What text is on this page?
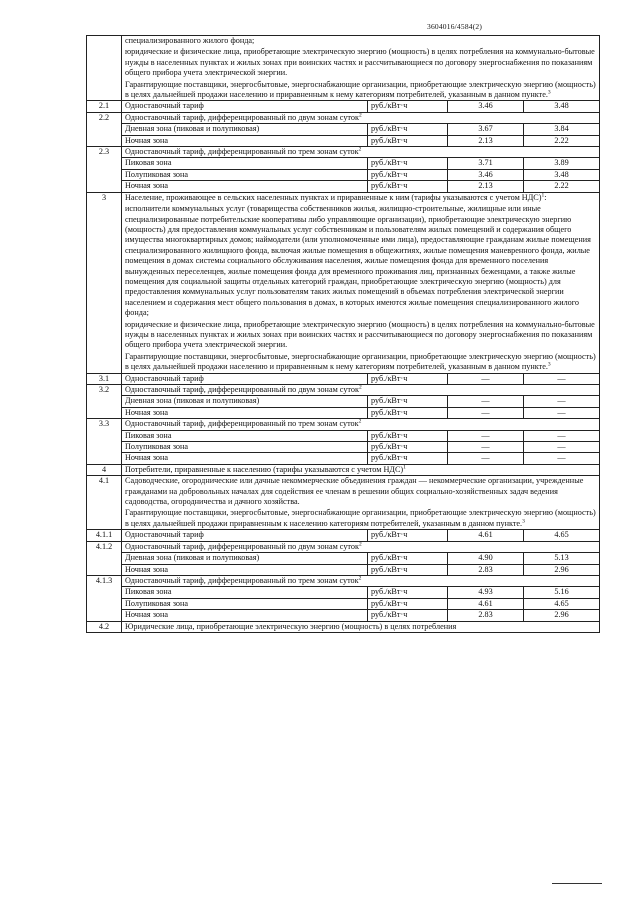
3604016/4584(2)

	специализированного жилого фонда;
юридические и физические лица, приобретающие электрическую энергию (мощность) в целях потребления на коммунально-бытовые нужды в населенных пунктах и жилых зонах при воинских частях и рассчитывающиеся по договору энергоснабжения по показаниям общего прибора учета электрической энергии.
Гарантирующие поставщики, энергосбытовые, энергоснабжающие организации, приобретающие электрическую энергию (мощность) в целях дальнейшей продажи населению и приравненным к нему категориям потребителей, указанным в данном пункте.$^3$

2.1	Одноставочный тариф	руб./кВт·ч	3.46	3.48
2.2	Одноставочный тариф, дифференцированный по двум зонам суток$^2$
	Дневная зона (пиковая и полупиковая)	руб./кВт·ч	3.67	3.84
	Ночная зона	руб./кВт·ч	2.13	2.22
2.3	Одноставочный тариф, дифференцированный по трем зонам суток$^2$
	Пиковая зона	руб./кВт·ч	3.71	3.89
	Полупиковая зона	руб./кВт·ч	3.46	3.48
	Ночная зона	руб./кВт·ч	2.13	2.22
3	Население, проживающее в сельских населенных пунктах и приравненные к ним (тарифы указываются с учетом НДС)$^1$:
исполнители коммунальных услуг (товарищества собственников жилья, жилищно-строительные, жилищные или иные специализированные потребительские кооперативы либо управляющие организации), приобретающие электрическую энергию (мощность) для предоставления коммунальных услуг собственникам и пользователям жилых помещений и содержания общего имущества многоквартирных домов; наймодатели (или уполномоченные ими лица), предоставляющие гражданам жилые помещения специализированного жилищного фонда, включая жилые помещения в общежитиях, жилые помещения маневренного фонда, жилые помещения в домах системы социального обслуживания населения, жилые помещения фонда для временного поселения вынужденных переселенцев, жилые помещения фонда для временного проживания лиц, признанных беженцами, а также жилые помещения для социальной защиты отдельных категорий граждан, приобретающие электрическую энергию (мощность) для предоставления коммунальных услуг пользователям таких жилых помещений в объемах потребления электрической энергии населением и содержания мест общего пользования в домах, в которых имеются жилые помещения специализированного жилого фонда;
юридические и физические лица, приобретающие электрическую энергию (мощность) в целях потребления на коммунально-бытовые нужды в населенных пунктах и жилых зонах при воинских частях и рассчитывающиеся по договору энергоснабжения по показаниям общего прибора учета электрической энергии.
Гарантирующие поставщики, энергосбытовые, энергоснабжающие организации, приобретающие электрическую энергию (мощность) в целях дальнейшей продажи населению и приравненным к нему категориям потребителей, указанным в данном пункте.$^3$

3.1	Одноставочный тариф	руб./кВт·ч	—	—
3.2	Одноставочный тариф, дифференцированный по двум зонам суток$^2$
	Дневная зона (пиковая и полупиковая)	руб./кВт·ч	—	—
	Ночная зона	руб./кВт·ч	—	—
3.3	Одноставочный тариф, дифференцированный по трем зонам суток$^2$
	Пиковая зона	руб./кВт·ч	—	—
	Полупиковая зона	руб./кВт·ч	—	—
	Ночная зона	руб./кВт·ч	—	—
4	Потребители, приравненные к населению (тарифы указываются с учетом НДС)$^1$
4.1	Садоводческие, огороднические или дачные некоммерческие объединения граждан — некоммерческие организации, учрежденные гражданами на добровольных началах для содействия ее членам в решении общих социально-хозяйственных задач ведения садоводства, огородничества и дачного хозяйства.
Гарантирующие поставщики, энергосбытовые, энергоснабжающие организации, приобретающие электрическую энергию (мощность) в целях дальнейшей продажи приравненным к населению категориям потребителей, указанным в данном пункте.$^3$

4.1.1	Одноставочный тариф	руб./кВт·ч	4.61	4.65
4.1.2	Одноставочный тариф, дифференцированный по двум зонам суток$^2$
	Дневная зона (пиковая и полупиковая)	руб./кВт·ч	4.90	5.13
	Ночная зона	руб./кВт·ч	2.83	2.96
4.1.3	Одноставочный тариф, дифференцированный по трем зонам суток$^2$
	Пиковая зона	руб./кВт·ч	4.93	5.16
	Полупиковая зона	руб./кВт·ч	4.61	4.65
	Ночная зона	руб./кВт·ч	2.83	2.96
4.2	Юридические лица, приобретающие электрическую энергию (мощность) в целях потребления			
